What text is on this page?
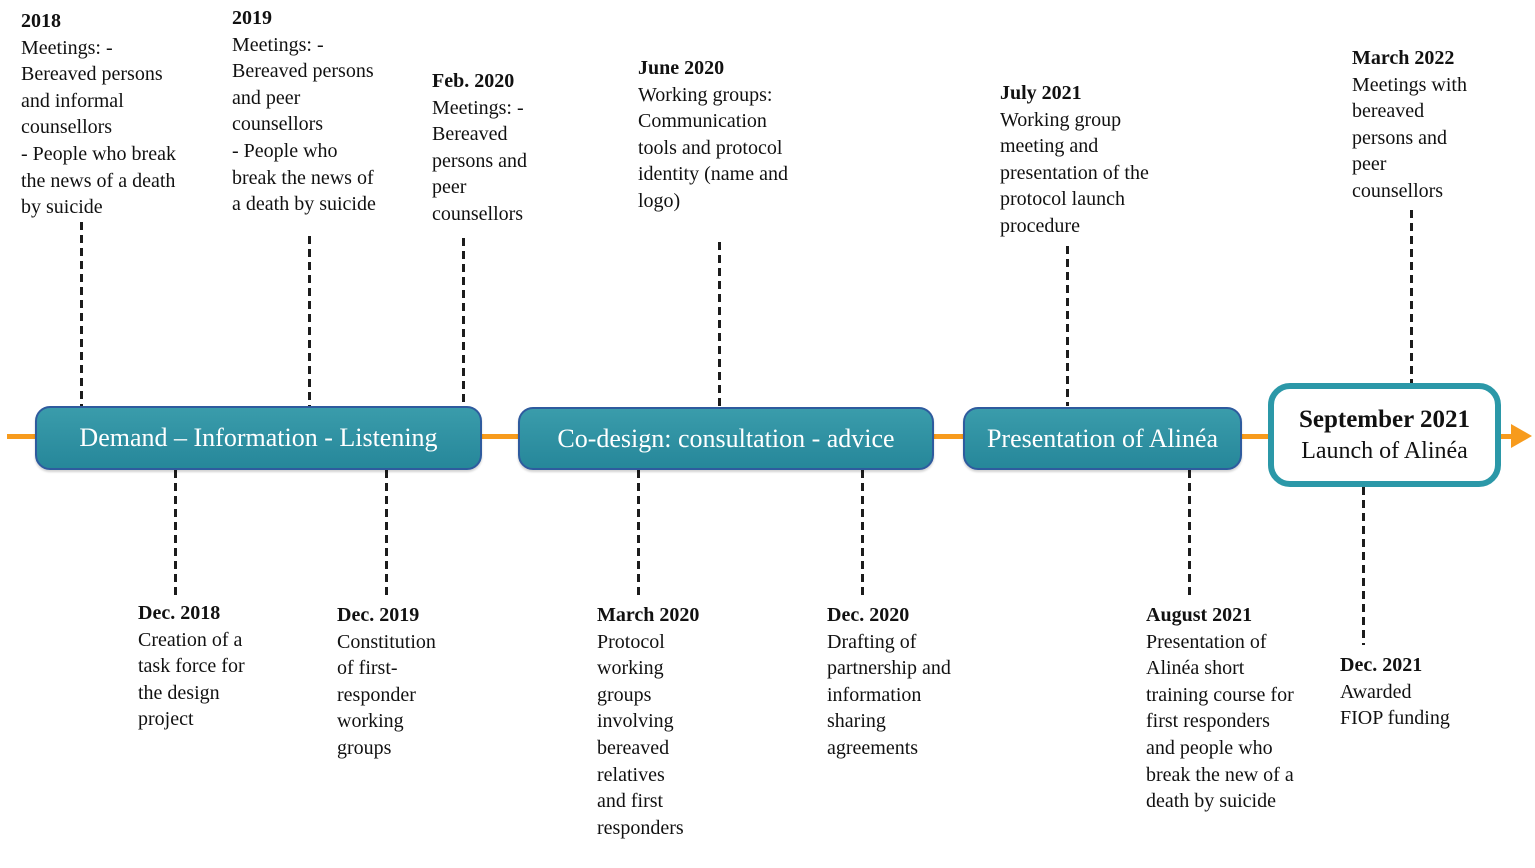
Demand – Information - Listening	Co-design: consultation - advice	Presentation of Alinéa
September 2021
Launch of Alinéa
2018
Meetings: -
Bereaved persons
and informal
counsellors
- People who break
the news of a death
by suicide
2019
Meetings: -
Bereaved persons
and peer
counsellors
- People who
break the news of
a death by suicide
Feb. 2020
Meetings: -
Bereaved
persons and
peer
counsellors
June 2020
Working groups:
Communication
tools and protocol
identity (name and
logo)
July 2021
Working group
meeting and
presentation of the
protocol launch
procedure
March 2022
Meetings with
bereaved
persons and
peer
counsellors
Dec. 2018
Creation of a
task force for
the design
project
Dec. 2019
Constitution
of first-
responder
working
groups
March 2020
Protocol
working
groups
involving
bereaved
relatives
and first
responders
Dec. 2020
Drafting of
partnership and
information
sharing
agreements
August 2021
Presentation of
Alinéa short
training course for
first responders
and people who
break the new of a
death by suicide
Dec. 2021
Awarded
FIOP funding
